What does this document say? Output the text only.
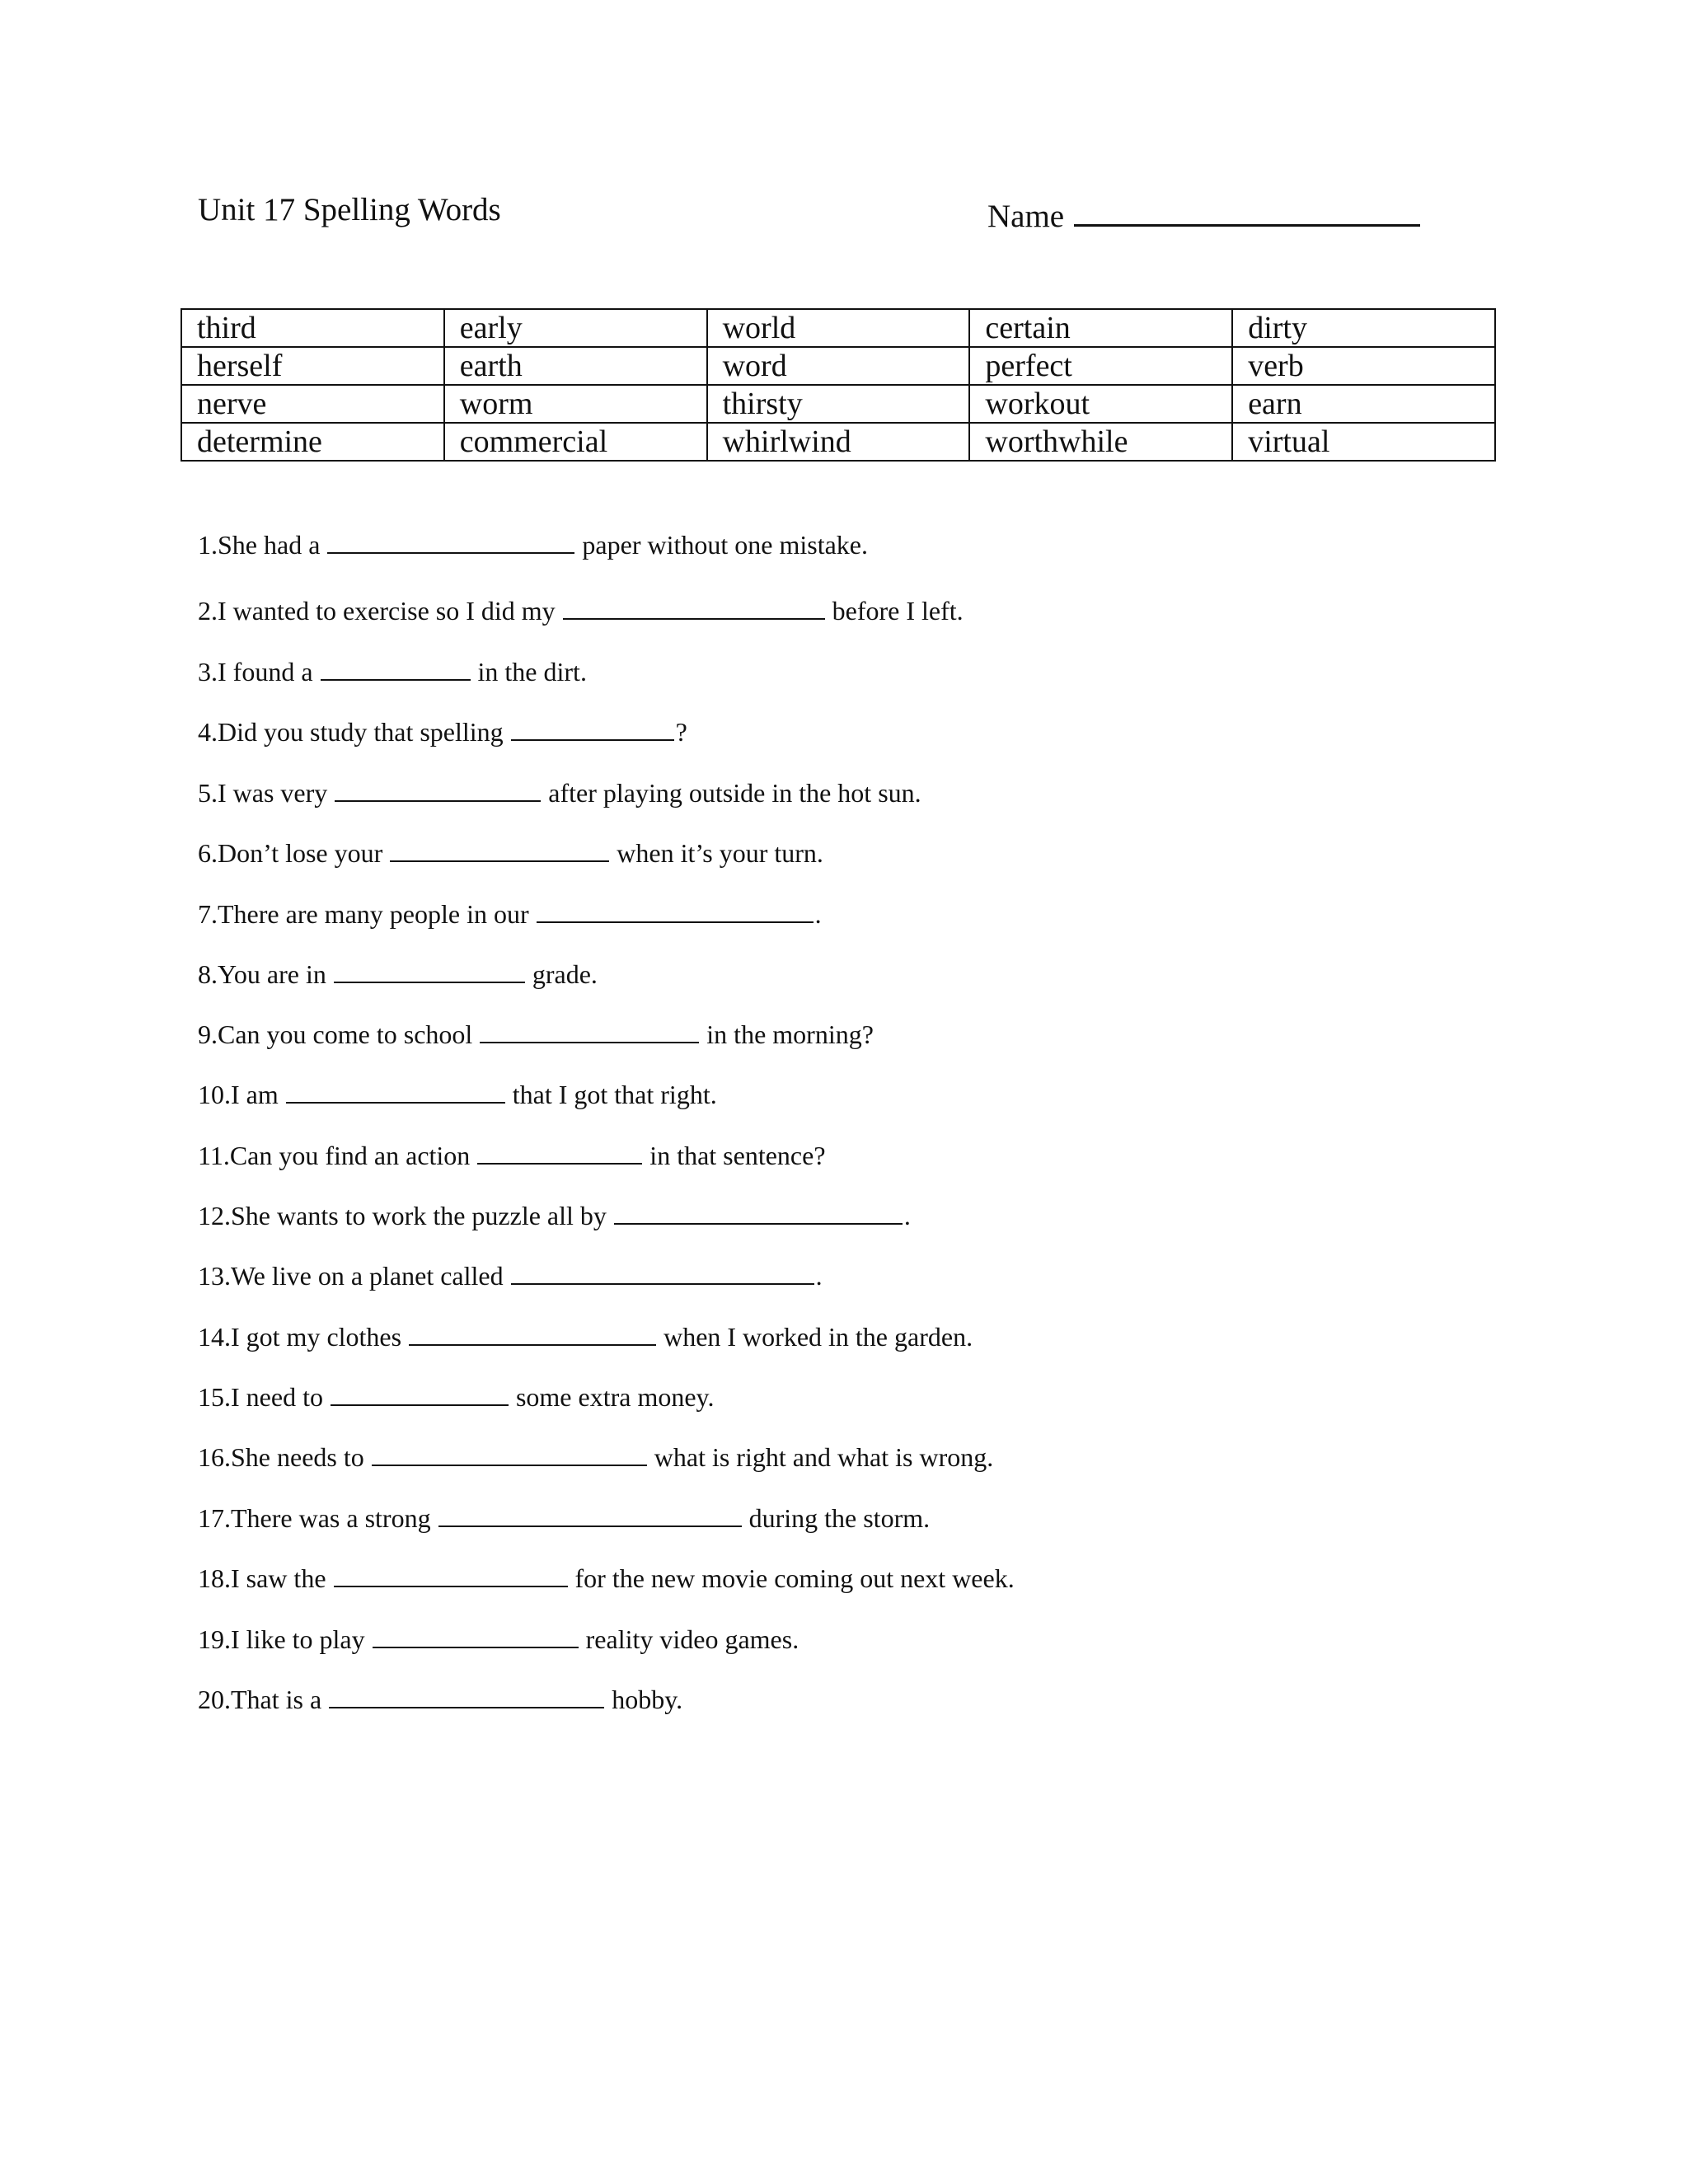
Unit 17 Spelling Words	Name
third	early	world	certain	dirty
herself	earth	word	perfect	verb
nerve	worm	thirsty	workout	earn
determine	commercial	whirlwind	worthwhile	virtual
1.She had a	paper without one mistake.
2.I wanted to exercise so I did my	before I left.
3.I found a	in the dirt.
4.Did you study that spelling	?
5.I was very	after playing outside in the hot sun.
6.Don’t lose your	when it’s your turn.
7.There are many people in our	.
8.You are in	grade.
9.Can you come to school	in the morning?
10.I am	that I got that right.
11.Can you find an action	in that sentence?
12.She wants to work the puzzle all by	.
13.We live on a planet called	.
14.I got my clothes	when I worked in the garden.
15.I need to	some extra money.
16.She needs to	what is right and what is wrong.
17.There was a strong	during the storm.
18.I saw the	for the new movie coming out next week.
19.I like to play	reality video games.
20.That is a	hobby.
